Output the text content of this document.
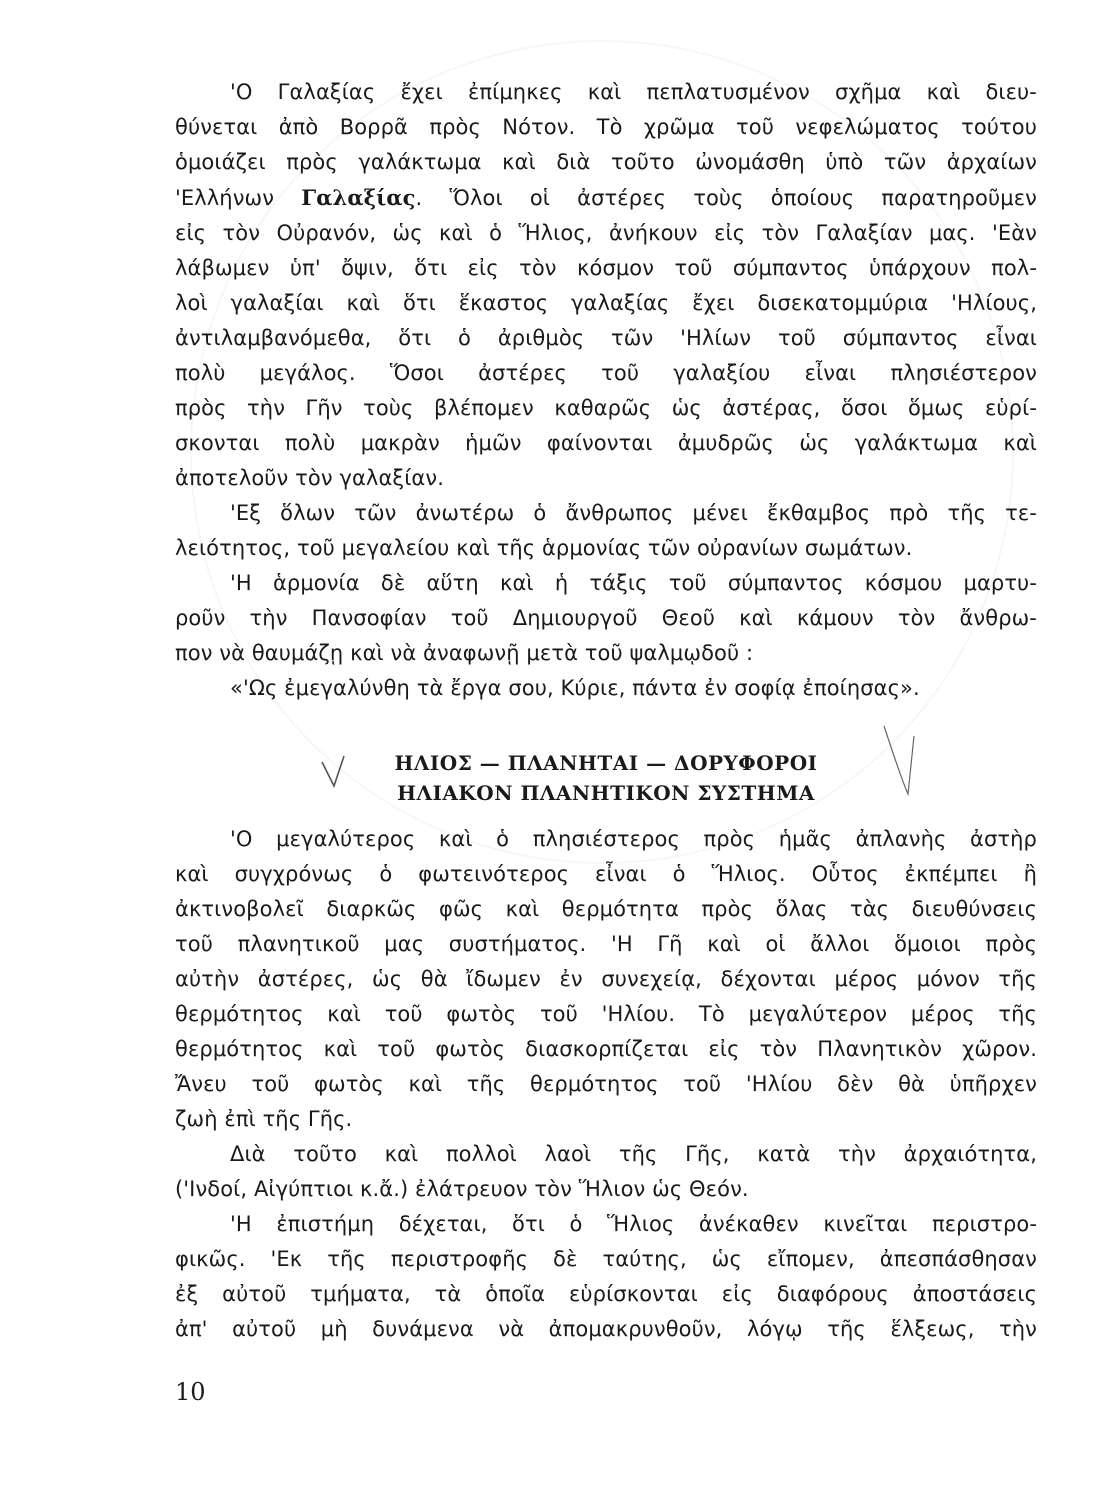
'Ο Γαλαξίας ἔχει ἐπίμηκες καὶ πεπλατυσμένον σχῆμα καὶ διευ-
θύνεται ἀπὸ Βορρᾶ πρὸς Νότον. Τὸ χρῶμα τοῦ νεφελώματος τούτου
ὁμοιάζει πρὸς γαλάκτωμα καὶ διὰ τοῦτο ὠνομάσθη ὑπὸ τῶν ἀρχαίων
'Ελλήνων Γαλαξίας. Ὅλοι οἱ ἀστέρες τοὺς ὁποίους παρατηροῦμεν
εἰς τὸν Οὐρανόν, ὡς καὶ ὁ Ἥλιος, ἀνήκουν εἰς τὸν Γαλαξίαν μας. 'Εὰν
λάβωμεν ὑπ' ὄψιν, ὅτι εἰς τὸν κόσμον τοῦ σύμπαντος ὑπάρχουν πολ-
λοὶ γαλαξίαι καὶ ὅτι ἕκαστος γαλαξίας ἔχει δισεκατομμύρια 'Ηλίους,
ἀντιλαμβανόμεθα, ὅτι ὁ ἀριθμὸς τῶν 'Ηλίων τοῦ σύμπαντος εἶναι
πολὺ μεγάλος. Ὅσοι ἀστέρες τοῦ γαλαξίου εἶναι πλησιέστερον
πρὸς τὴν Γῆν τοὺς βλέπομεν καθαρῶς ὡς ἀστέρας, ὅσοι ὅμως εὑρί-
σκονται πολὺ μακρὰν ἡμῶν φαίνονται ἀμυδρῶς ὡς γαλάκτωμα καὶ
ἀποτελοῦν τὸν γαλαξίαν.
'Εξ ὅλων τῶν ἀνωτέρω ὁ ἄνθρωπος μένει ἔκθαμβος πρὸ τῆς τε-
λειότητος, τοῦ μεγαλείου καὶ τῆς ἁρμονίας τῶν οὐρανίων σωμάτων.
'Η ἁρμονία δὲ αὕτη καὶ ἡ τάξις τοῦ σύμπαντος κόσμου μαρτυ-
ροῦν τὴν Πανσοφίαν τοῦ Δημιουργοῦ Θεοῦ καὶ κάμουν τὸν ἄνθρω-
πον νὰ θαυμάζῃ καὶ νὰ ἀναφωνῇ μετὰ τοῦ ψαλμῳδοῦ :
«'Ως ἐμεγαλύνθη τὰ ἔργα σου, Κύριε, πάντα ἐν σοφίᾳ ἐποίησας».
ΗΛΙΟΣ — ΠΛΑΝΗΤΑΙ — ΔΟΡΥΦΟΡΟΙ
ΗΛΙΑΚΟΝ ΠΛΑΝΗΤΙΚΟΝ ΣΥΣΤΗΜΑ
'Ο μεγαλύτερος καὶ ὁ πλησιέστερος πρὸς ἡμᾶς ἀπλανὴς ἀστὴρ
καὶ συγχρόνως ὁ φωτεινότερος εἶναι ὁ Ἥλιος. Οὗτος ἐκπέμπει ἢ
ἀκτινοβολεῖ διαρκῶς φῶς καὶ θερμότητα πρὸς ὅλας τὰς διευθύνσεις
τοῦ πλανητικοῦ μας συστήματος. 'Η Γῆ καὶ οἱ ἄλλοι ὅμοιοι πρὸς
αὐτὴν ἀστέρες, ὡς θὰ ἴδωμεν ἐν συνεχείᾳ, δέχονται μέρος μόνον τῆς
θερμότητος καὶ τοῦ φωτὸς τοῦ 'Ηλίου. Τὸ μεγαλύτερον μέρος τῆς
θερμότητος καὶ τοῦ φωτὸς διασκορπίζεται εἰς τὸν Πλανητικὸν χῶρον.
Ἄνευ τοῦ φωτὸς καὶ τῆς θερμότητος τοῦ 'Ηλίου δὲν θὰ ὑπῆρχεν
ζωὴ ἐπὶ τῆς Γῆς.
Διὰ τοῦτο καὶ πολλοὶ λαοὶ τῆς Γῆς, κατὰ τὴν ἀρχαιότητα,
('Ινδοί, Αἰγύπτιοι κ.ἄ.) ἐλάτρευον τὸν Ἥλιον ὡς Θεόν.
'Η ἐπιστήμη δέχεται, ὅτι ὁ Ἥλιος ἀνέκαθεν κινεῖται περιστρο-
φικῶς. 'Εκ τῆς περιστροφῆς δὲ ταύτης, ὡς εἴπομεν, ἀπεσπάσθησαν
ἐξ αὐτοῦ τμήματα, τὰ ὁποῖα εὑρίσκονται εἰς διαφόρους ἀποστάσεις
ἀπ' αὐτοῦ μὴ δυνάμενα νὰ ἀπομακρυνθοῦν, λόγῳ τῆς ἕλξεως, τὴν
10
